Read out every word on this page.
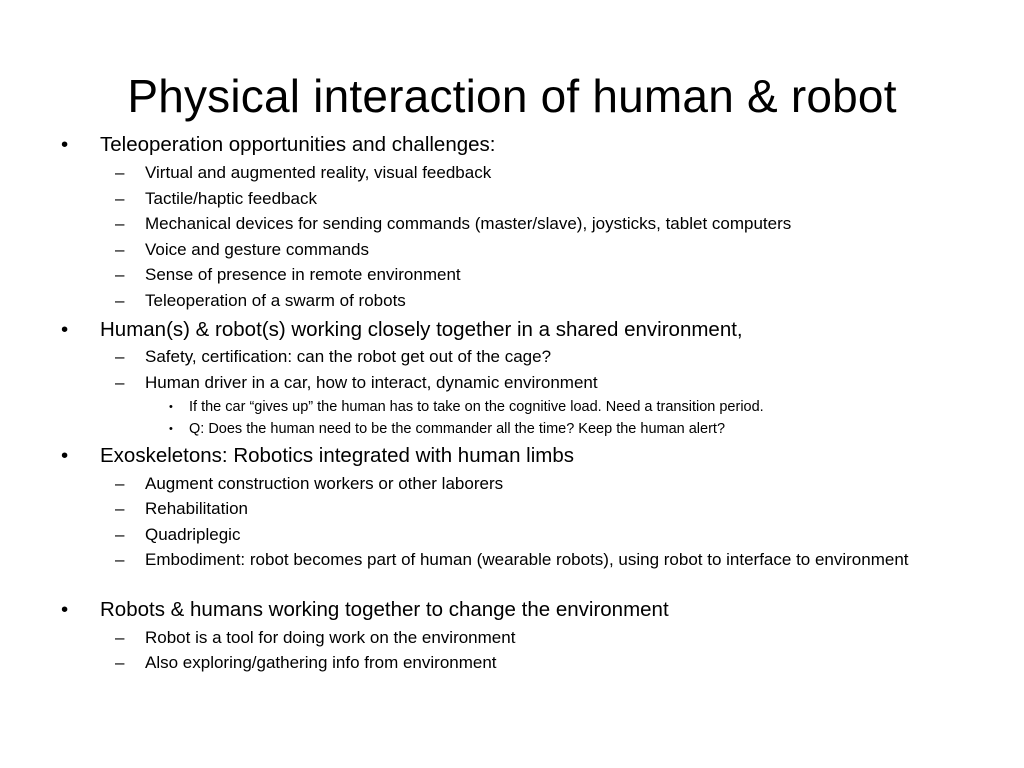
Physical interaction of human & robot
• Teleoperation opportunities and challenges:
– Virtual and augmented reality, visual feedback
– Tactile/haptic feedback
– Mechanical devices for sending commands (master/slave), joysticks, tablet computers
– Voice and gesture commands
– Sense of presence in remote environment
– Teleoperation of a swarm of robots
• Human(s) & robot(s) working closely together in a shared environment,
– Safety, certification: can the robot get out of the cage?
– Human driver in a car, how to interact, dynamic environment
• If the car “gives up” the human has to take on the cognitive load. Need a transition period.
• Q: Does the human need to be the commander all the time? Keep the human alert?
• Exoskeletons: Robotics integrated with human limbs
– Augment construction workers or other laborers
– Rehabilitation
– Quadriplegic
– Embodiment: robot becomes part of human (wearable robots), using robot to interface to environment
• Robots & humans working together to change the environment
– Robot is a tool for doing work on the environment
– Also exploring/gathering info from environment
